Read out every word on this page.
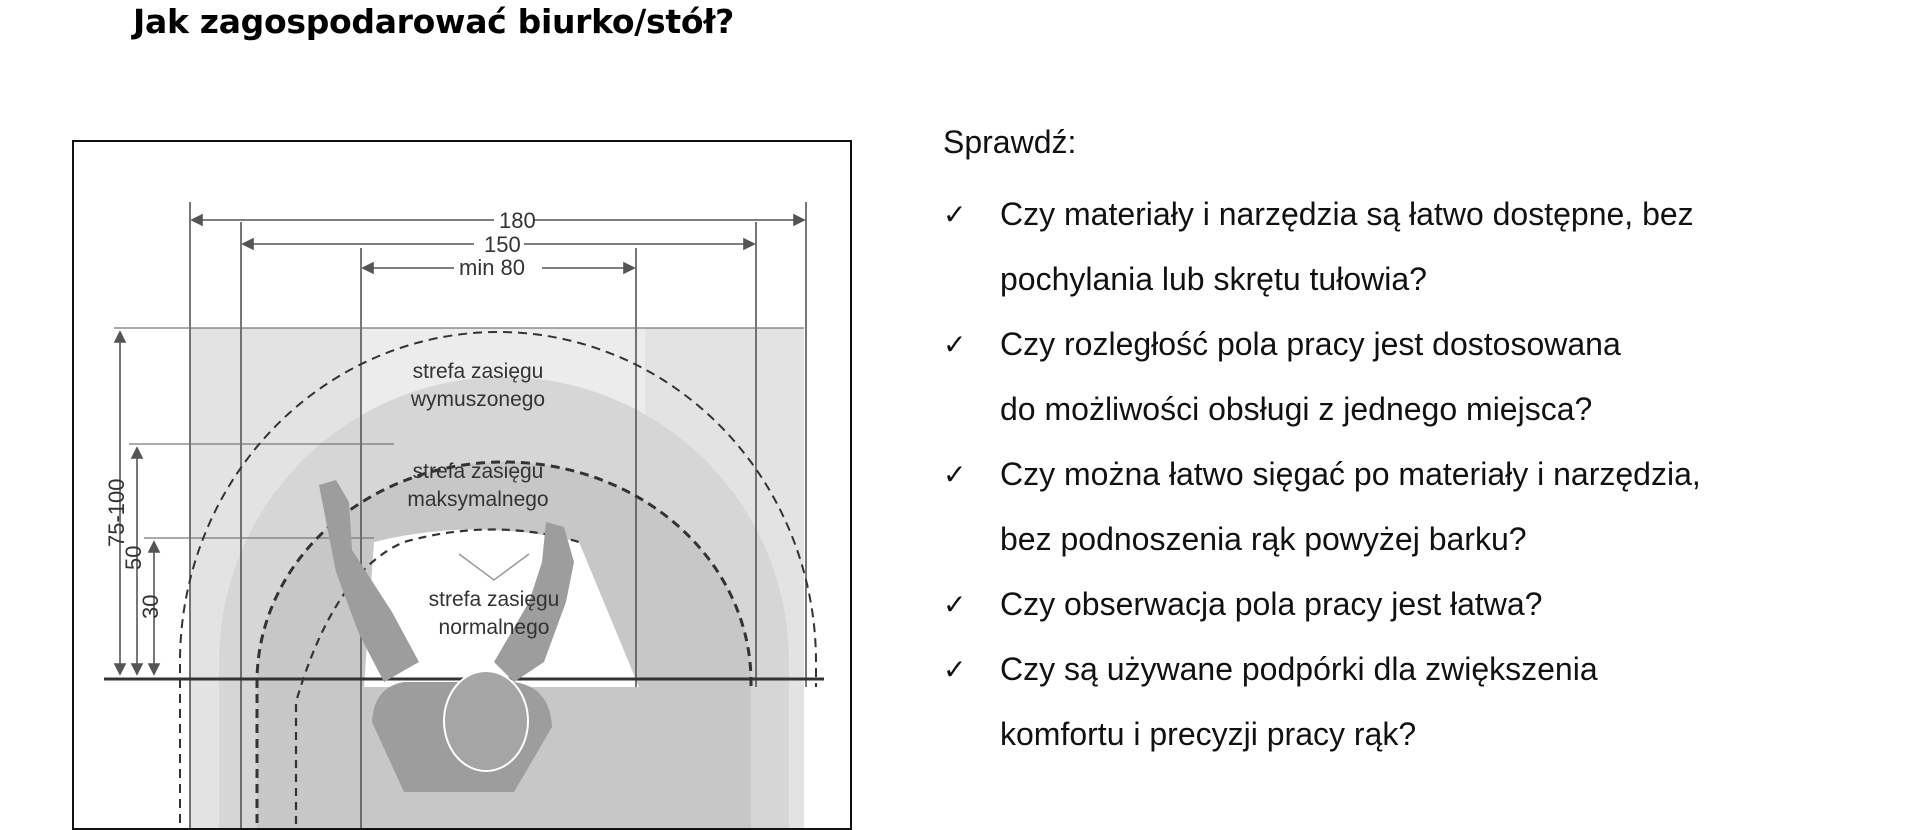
Jak zagospodarować biurko/stół?
180
150
min 80
75-100
50
30
strefa zasięgu
wymuszonego
strefa zasięgu
maksymalnego
strefa zasięgu
normalnego
Sprawdź:
✓	Czy materiały i narzędzia są łatwo dostępne, bez
pochylania lub skrętu tułowia?
✓	Czy rozległość pola pracy jest dostosowana
do możliwości obsługi z jednego miejsca?
✓	Czy można łatwo sięgać po materiały i narzędzia,
bez podnoszenia rąk powyżej barku?
✓	Czy obserwacja pola pracy jest łatwa?
✓	Czy są używane podpórki dla zwiększenia
komfortu i precyzji pracy rąk?
